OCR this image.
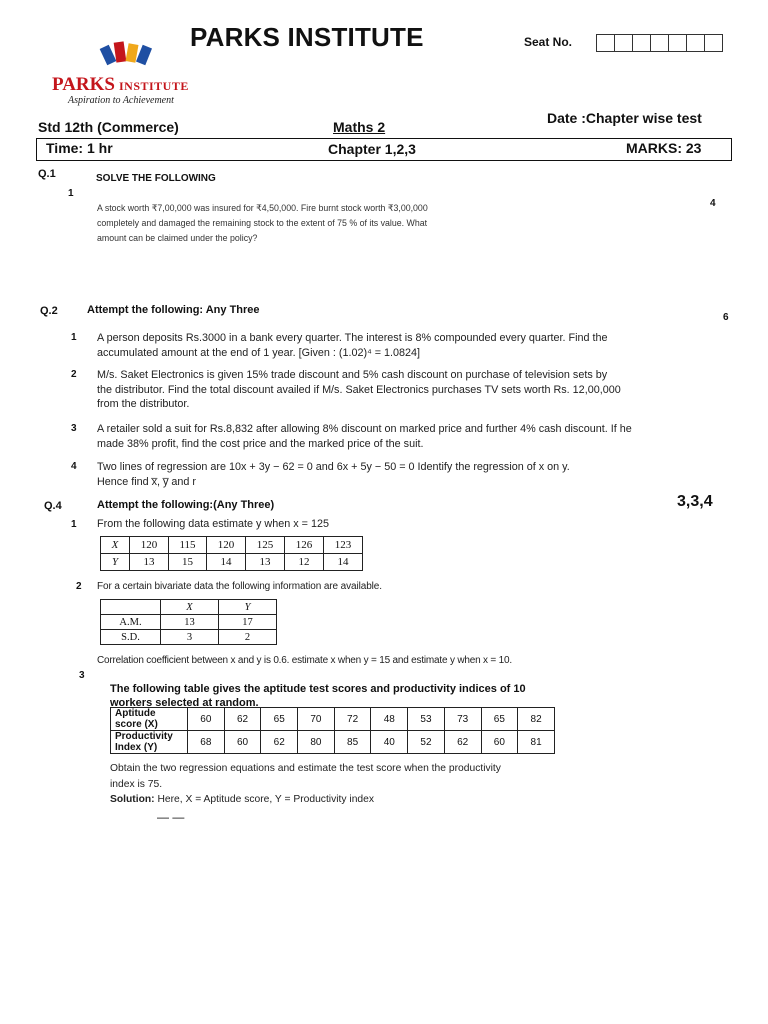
PARKS INSTITUTE	Seat No.
PARKS INSTITUTE
Aspiration to Achievement
Std 12th (Commerce)	Maths 2
Date :Chapter wise test
Time: 1 hr	Chapter 1,2,3	MARKS: 23
Q.1	SOLVE THE FOLLOWING
1
4
A stock worth ₹7,00,000 was insured for ₹4,50,000. Fire burnt stock worth ₹3,00,000
completely and damaged the remaining stock to the extent of 75 % of its value. What
amount can be claimed under the policy?
Q.2	Attempt the following: Any Three
6
1 A person deposits Rs.3000 in a bank every quarter. The interest is 8% compounded every quarter. Find the
accumulated amount at the end of 1 year. [Given : (1.02)⁴ = 1.0824]
2 M/s. Saket Electronics is given 15% trade discount and 5% cash discount on purchase of television sets by
the distributor. Find the total discount availed if M/s. Saket Electronics purchases TV sets worth Rs. 12,00,000
from the distributor.
3 A retailer sold a suit for Rs.8,832 after allowing 8% discount on marked price and further 4% cash discount. If he
made 38% profit, find the cost price and the marked price of the suit.
4 Two lines of regression are 10x + 3y − 62 = 0 and 6x + 5y − 50 = 0 Identify the regression of x on y.
Hence find x̅, y̅ and r
Q.4	Attempt the following:(Any Three)	3,3,4
1 From the following data estimate y when x = 125
X	120	115	120	125	126	123
Y	13	15	14	13	12	14
2 For a certain bivariate data the following information are available.
	X	Y
A.M.	13	17
S.D.	3	2
Correlation coefficient between x and y is 0.6. estimate x when y = 15 and estimate y when x = 10.
3
The following table gives the aptitude test scores and productivity indices of 10
workers selected at random.
Aptitude
score (X)	60	62	65	70	72	48	53	73	65	82

Productivity
Index (Y)	68	60	62	80	85	40	52	62	60	81
Obtain the two regression equations and estimate the test score when the productivity
index is 75.
Solution: Here, X = Aptitude score, Y = Productivity index
— —
